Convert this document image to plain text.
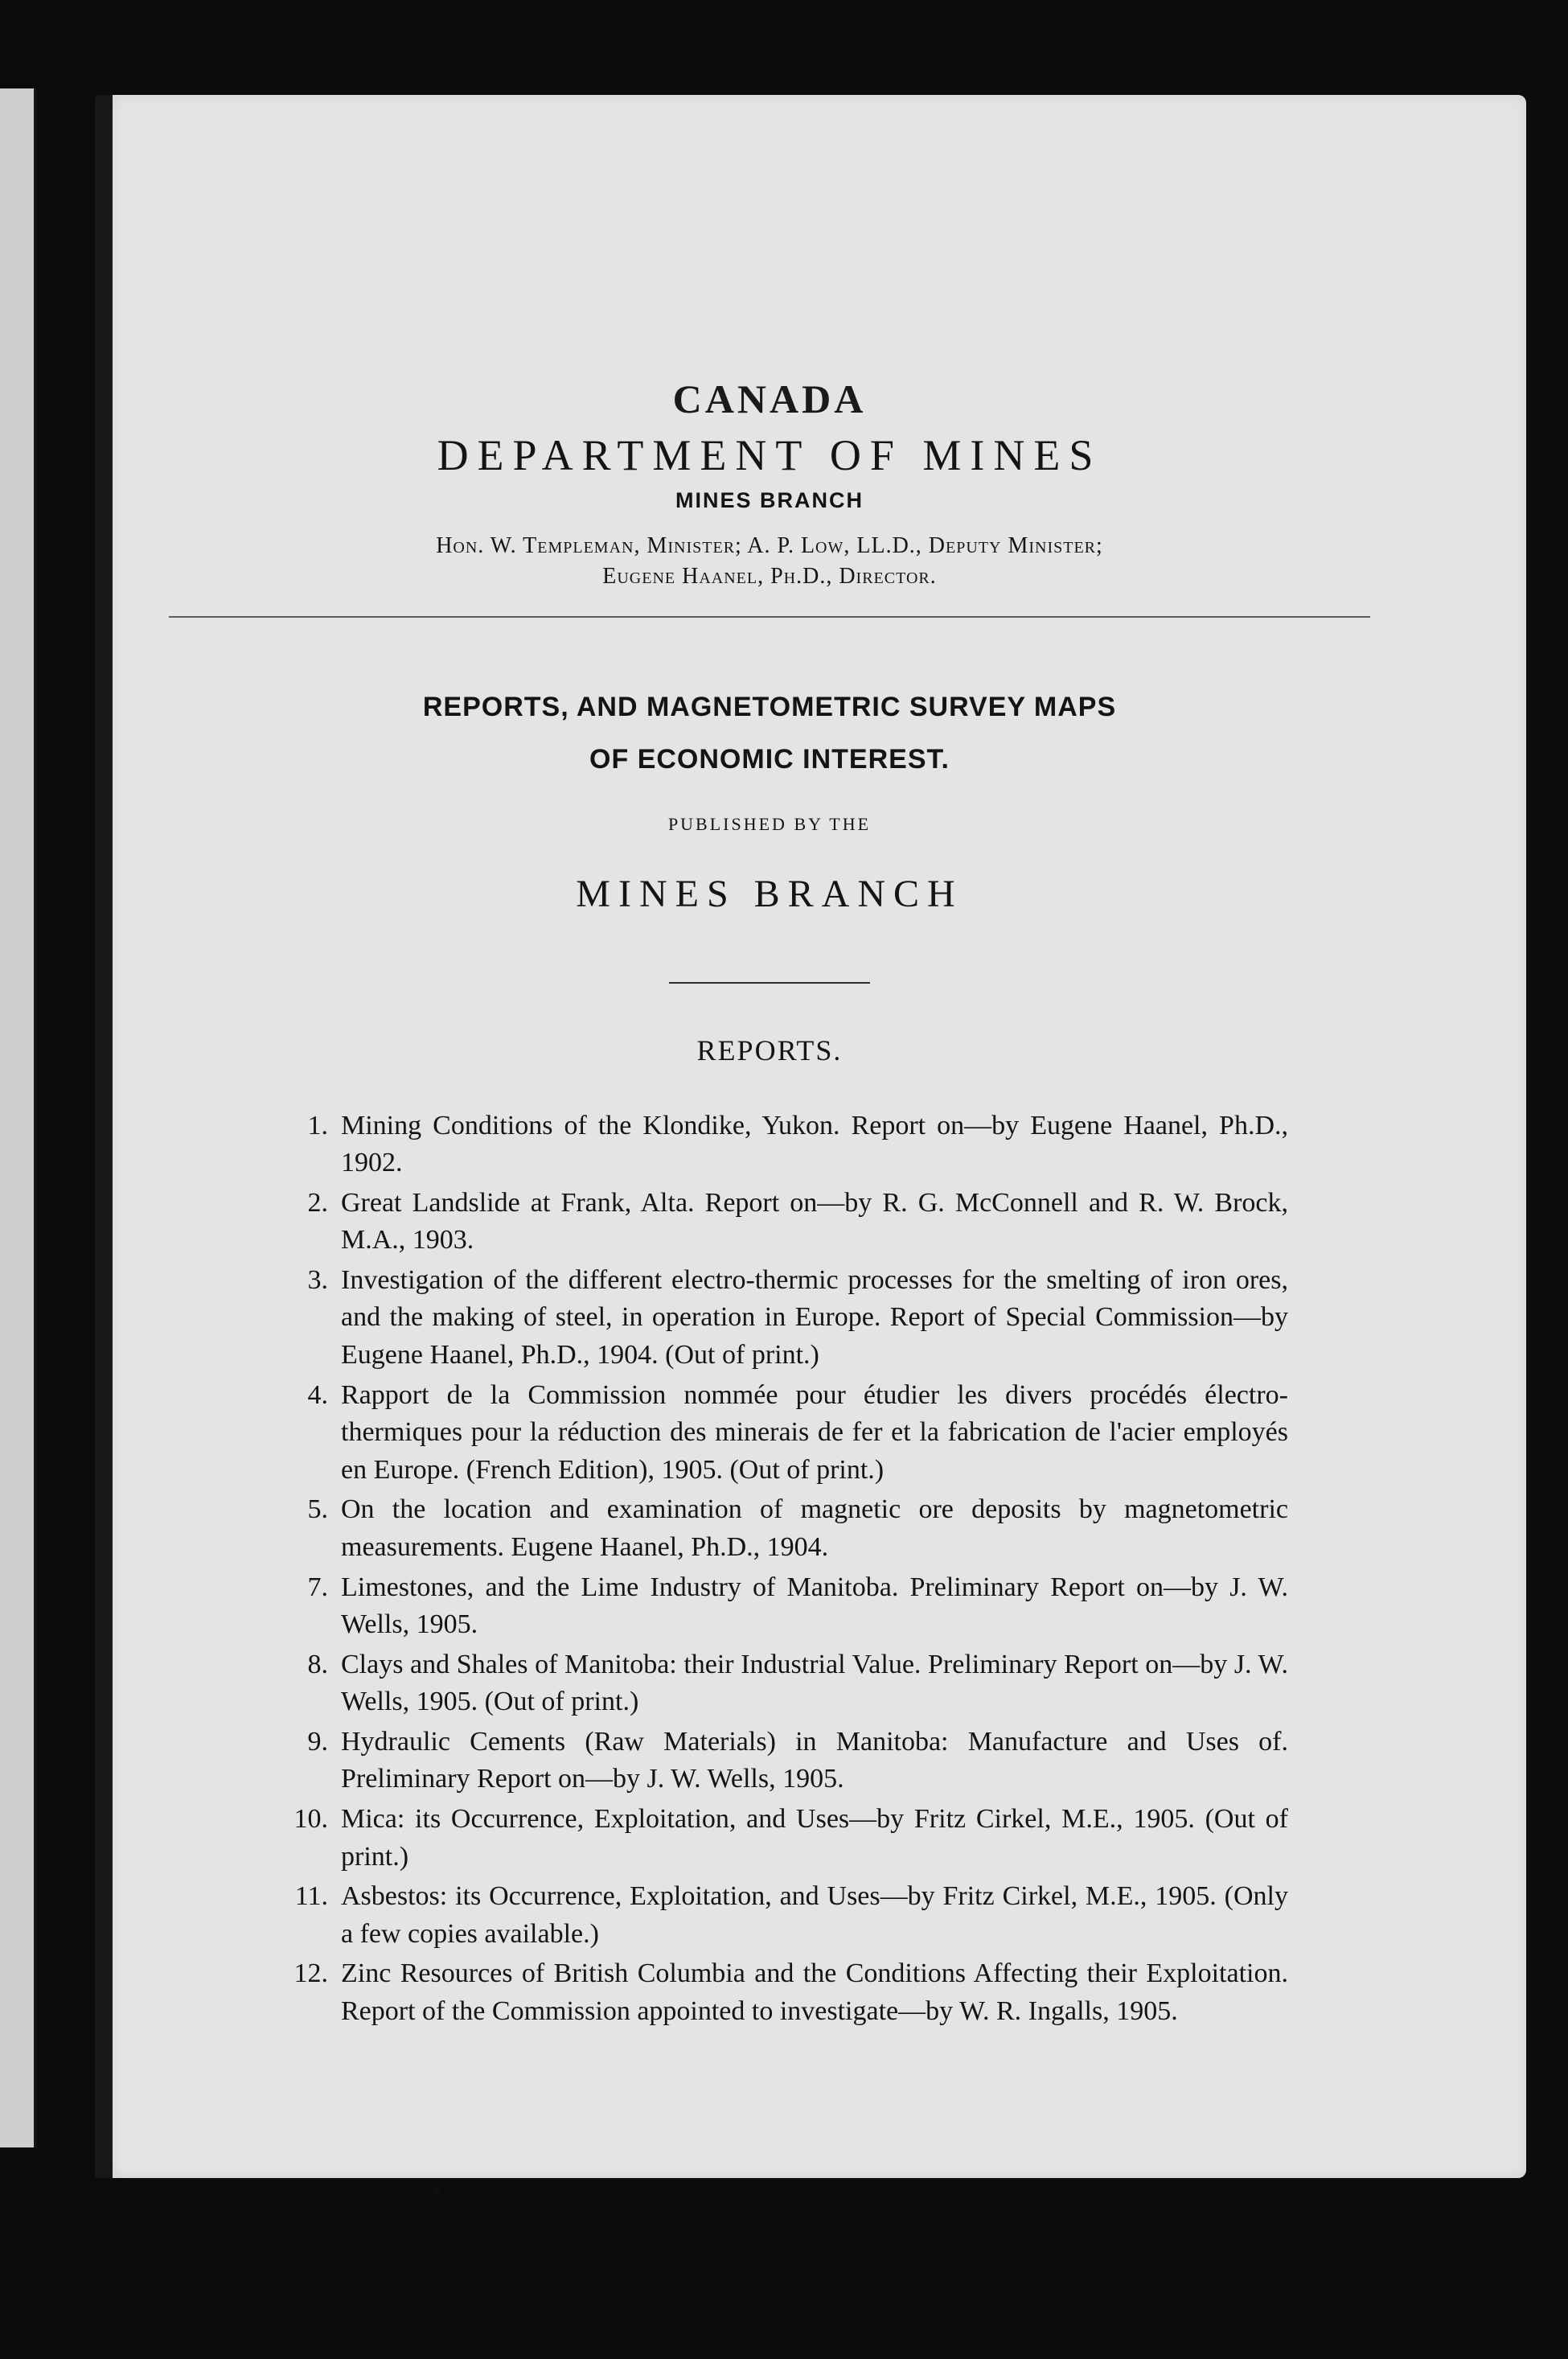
CANADA
DEPARTMENT OF MINES
MINES BRANCH
Hon. W. Templeman, Minister; A. P. Low, LL.D., Deputy Minister;
Eugene Haanel, Ph.D., Director.
REPORTS, AND MAGNETOMETRIC SURVEY MAPS
OF ECONOMIC INTEREST.
PUBLISHED BY THE
MINES BRANCH
REPORTS.
1. Mining Conditions of the Klondike, Yukon. Report on—by Eugene Haanel, Ph.D., 1902.
2. Great Landslide at Frank, Alta. Report on—by R. G. McConnell and R. W. Brock, M.A., 1903.
3. Investigation of the different electro-thermic processes for the smelting of iron ores, and the making of steel, in operation in Europe. Report of Special Commission—by Eugene Haanel, Ph.D., 1904. (Out of print.)
4. Rapport de la Commission nommée pour étudier les divers procédés électro-thermiques pour la réduction des minerais de fer et la fabrication de l'acier employés en Europe. (French Edition), 1905. (Out of print.)
5. On the location and examination of magnetic ore deposits by magnetometric measurements. Eugene Haanel, Ph.D., 1904.
7. Limestones, and the Lime Industry of Manitoba. Preliminary Report on—by J. W. Wells, 1905.
8. Clays and Shales of Manitoba: their Industrial Value. Preliminary Report on—by J. W. Wells, 1905. (Out of print.)
9. Hydraulic Cements (Raw Materials) in Manitoba: Manufacture and Uses of. Preliminary Report on—by J. W. Wells, 1905.
10. Mica: its Occurrence, Exploitation, and Uses—by Fritz Cirkel, M.E., 1905. (Out of print.)
11. Asbestos: its Occurrence, Exploitation, and Uses—by Fritz Cirkel, M.E., 1905. (Only a few copies available.)
12. Zinc Resources of British Columbia and the Conditions Affecting their Exploitation. Report of the Commission appointed to investigate—by W. R. Ingalls, 1905.
